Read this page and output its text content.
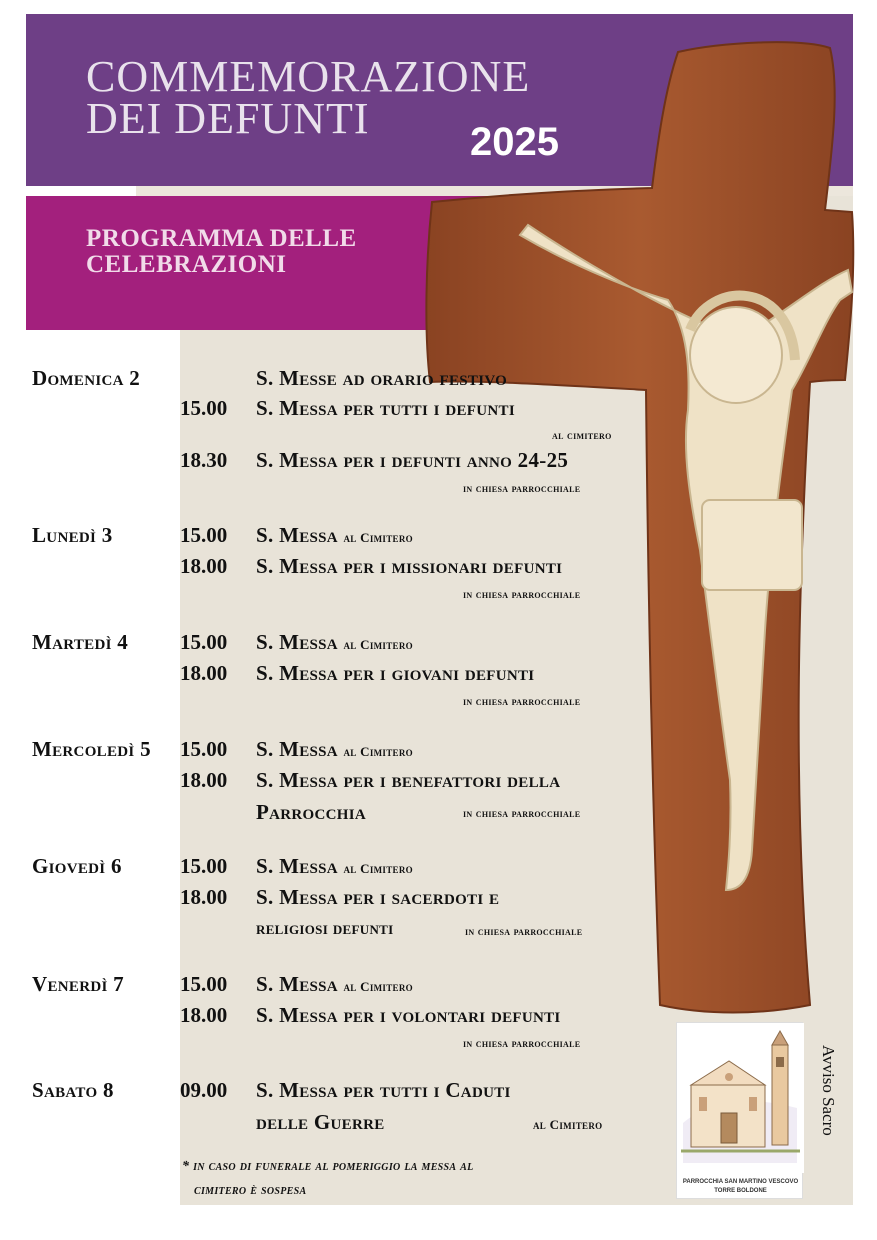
COMMEMORAZIONE
DEI DEFUNTI
PROGRAMMA DELLE
CELEBRAZIONI
2025
Domenica 2	S. Messe ad orario festivo
15.00 S. Messa per tutti i defunti
al cimitero
18.30 S. Messa per i defunti anno 24-25
in chiesa parrocchiale
Lunedì 3	15.00 S. Messa al Cimitero
18.00 S. Messa per i missionari defunti
in chiesa parrocchiale
Martedì 4 15.00 S. Messa al Cimitero
18.00 S. Messa per i giovani defunti
in chiesa parrocchiale
Mercoledì 5 15.00 S. Messa al Cimitero
18.00 S. Messa per i benefattori della
Parrocchia	in chiesa parrocchiale
Giovedì 6	15.00 S. Messa al Cimitero
18.00 S. Messa per i sacerdoti e
religiosi defunti	in chiesa parrocchiale
Venerdì 7	15.00 S. Messa al Cimitero
18.00 S. Messa per i volontari defunti
in chiesa parrocchiale
Sabato 8	09.00 S. Messa per tutti i Caduti
delle Guerre	al Cimitero
* in caso di funerale al pomeriggio la messa al
cimitero è sospesa
PARROCCHIA SAN MARTINO VESCOVO
TORRE BOLDONE
Avviso Sacro
